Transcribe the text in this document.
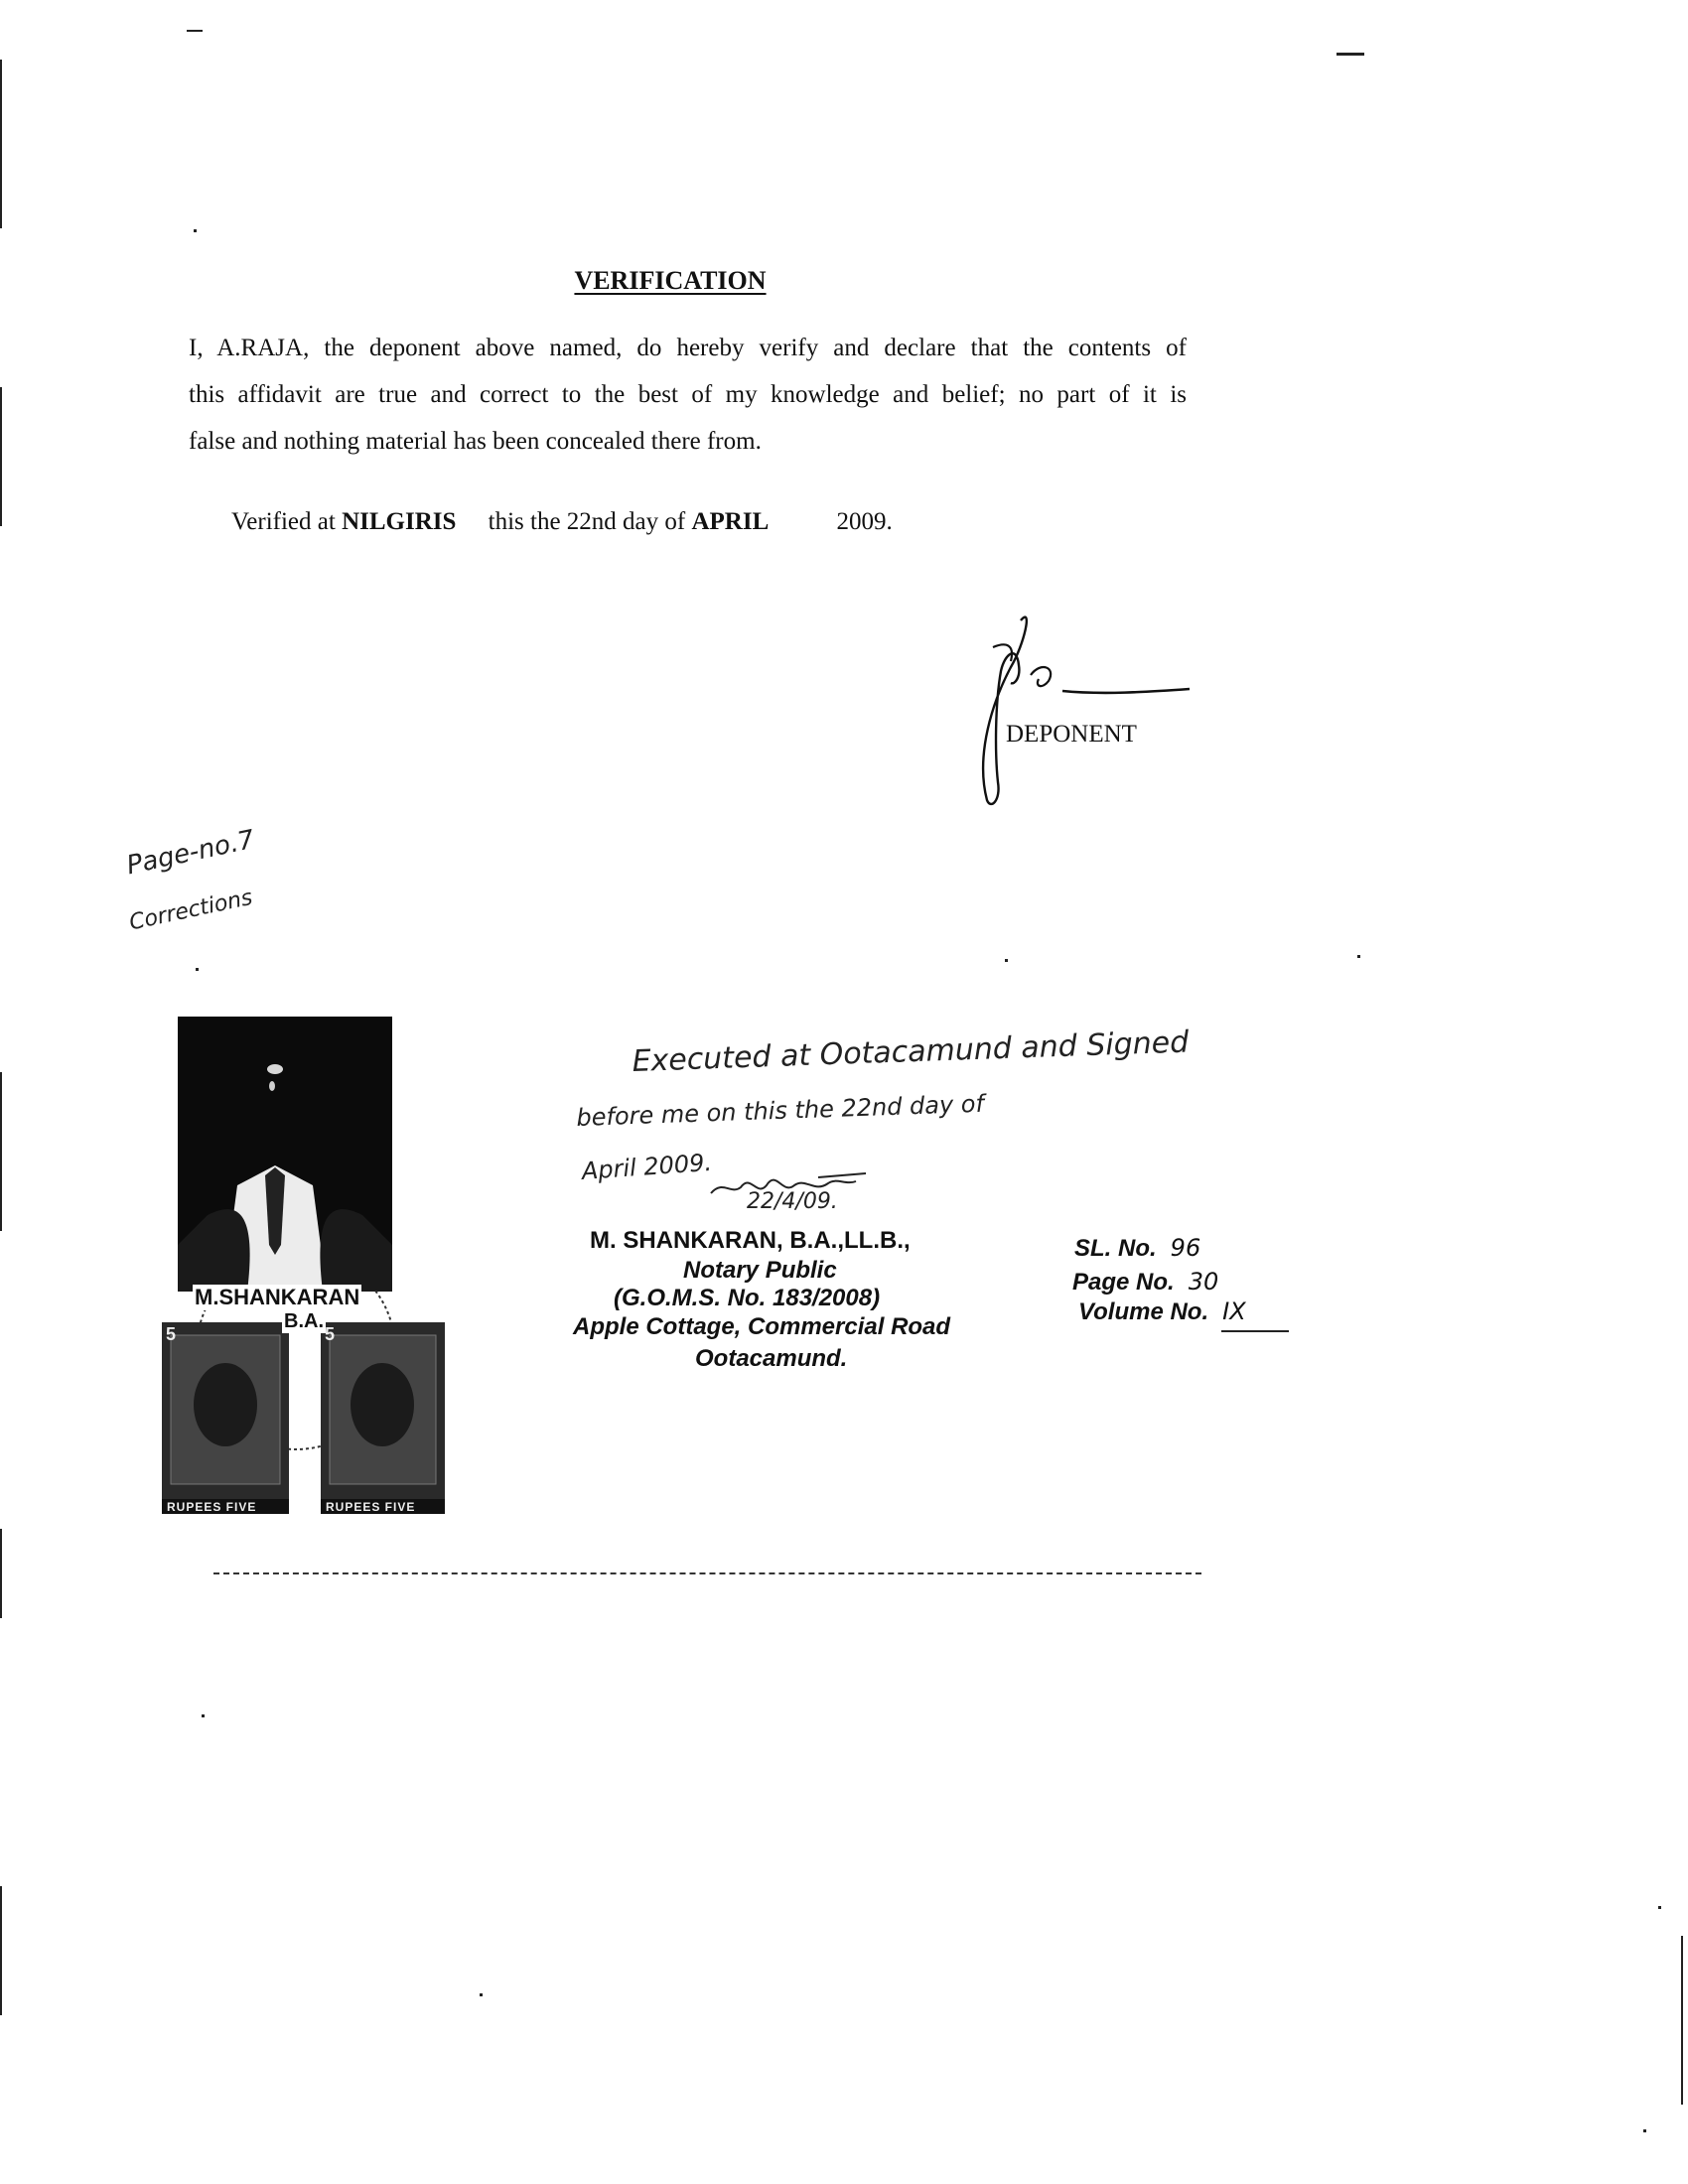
VERIFICATION
I, A.RAJA, the deponent above named, do hereby verify and declare that the contents of
this affidavit are true and correct to the best of my knowledge and belief; no part of it is
false and nothing material has been concealed there from.
Verified at NILGIRIS this the 22nd day of APRIL	2009.
DEPONENT
Page-no.7
Corrections
M.SHANKARAN
B.A.
5	5
RUPEES FIVE	RUPEES FIVE
Executed at Ootacamund and Signed
before me on this the 22nd day of
April 2009.
22/4/09.
M. SHANKARAN, B.A.,LL.B.,
Notary Public
(G.O.M.S. No. 183/2008)
Apple Cottage, Commercial Road
Ootacamund.
SL. No. 96
Page No. 30
Volume No. IX
